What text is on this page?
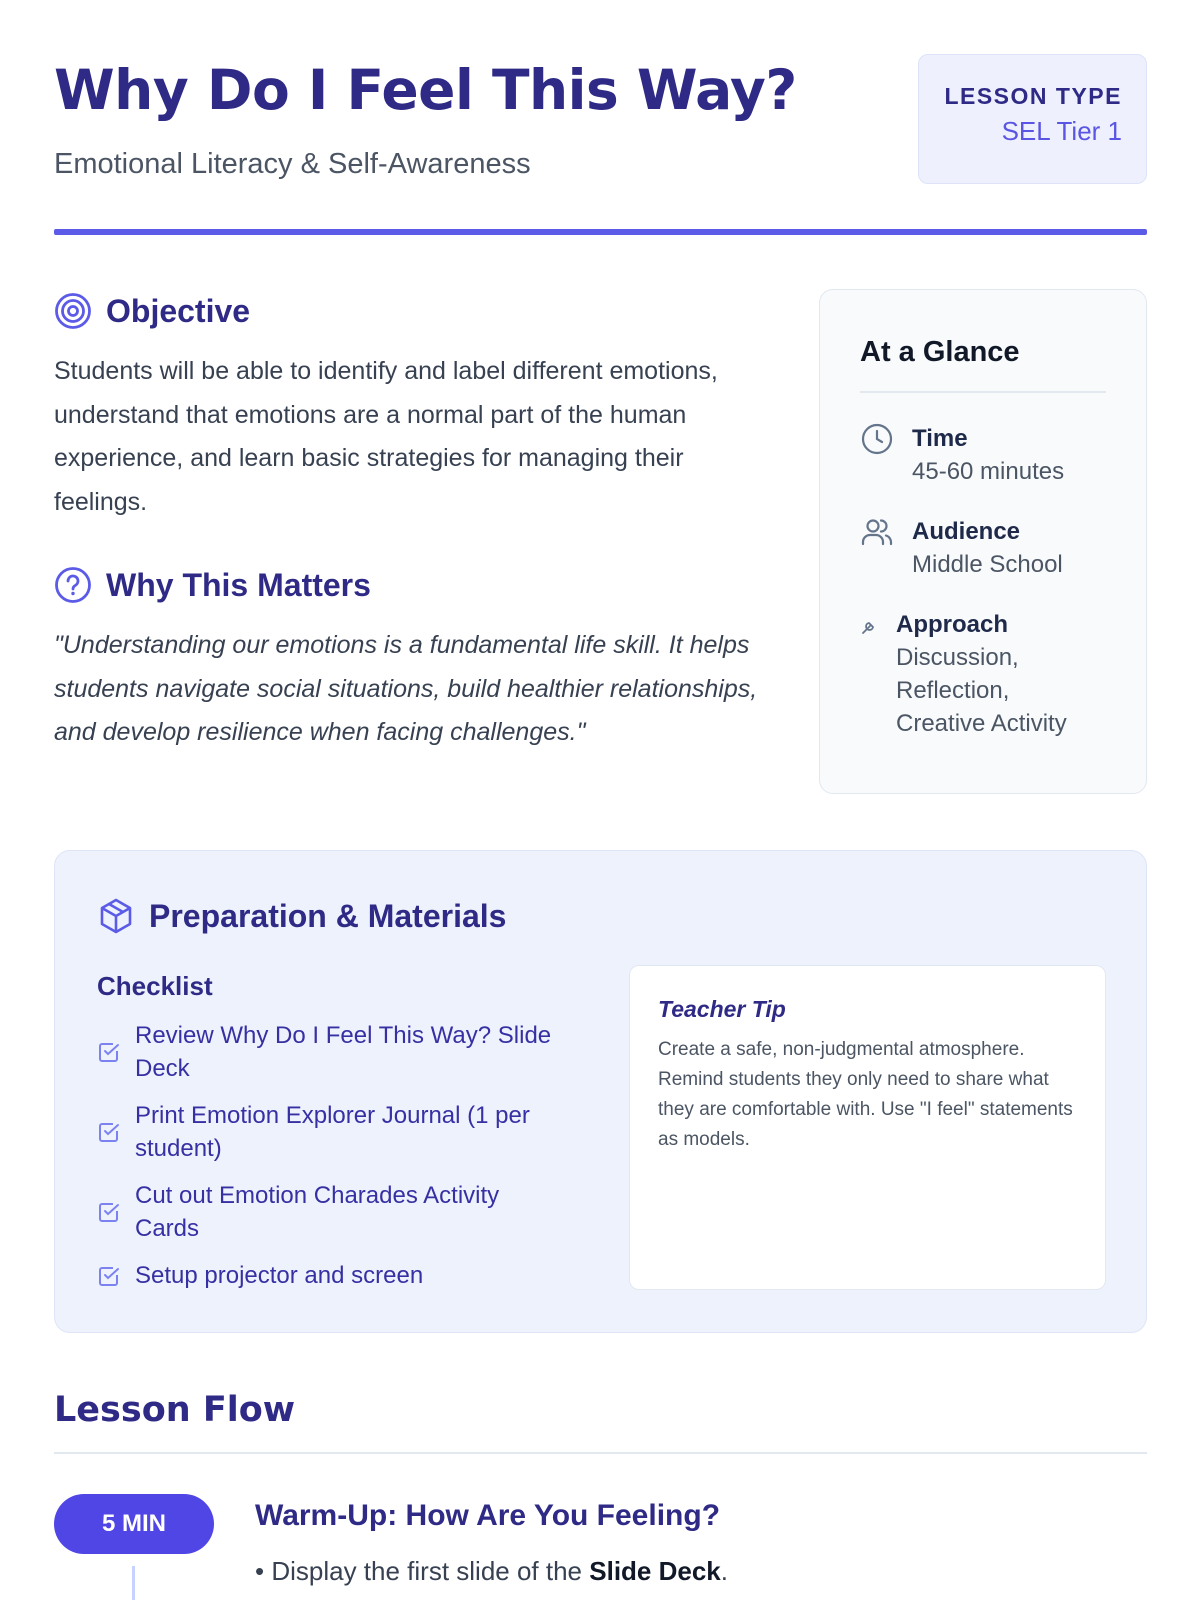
Why Do I Feel This Way?
Emotional Literacy & Self-Awareness
LESSON TYPE
SEL Tier 1
Objective

Students will be able to identify and label different emotions, understand that emotions are a normal part of the human experience, and learn basic strategies for managing their feelings.

Why This Matters

"Understanding our emotions is a fundamental life skill. It helps students navigate social situations, build healthier relationships, and develop resilience when facing challenges."

At a Glance
Time
45-60 minutes
Audience
Middle School
Approach
Discussion, Reflection, Creative Activity
Preparation & Materials
Checklist
Review Why Do I Feel This Way? Slide Deck
Print Emotion Explorer Journal (1 per student)
Cut out Emotion Charades Activity Cards
Setup projector and screen
Teacher Tip

Create a safe, non-judgmental atmosphere. Remind students they only need to share what they are comfortable with. Use "I feel" statements as models.

Lesson Flow
5 MIN	Warm-Up: How Are You Feeling?
• Display the first slide of the Slide Deck.
